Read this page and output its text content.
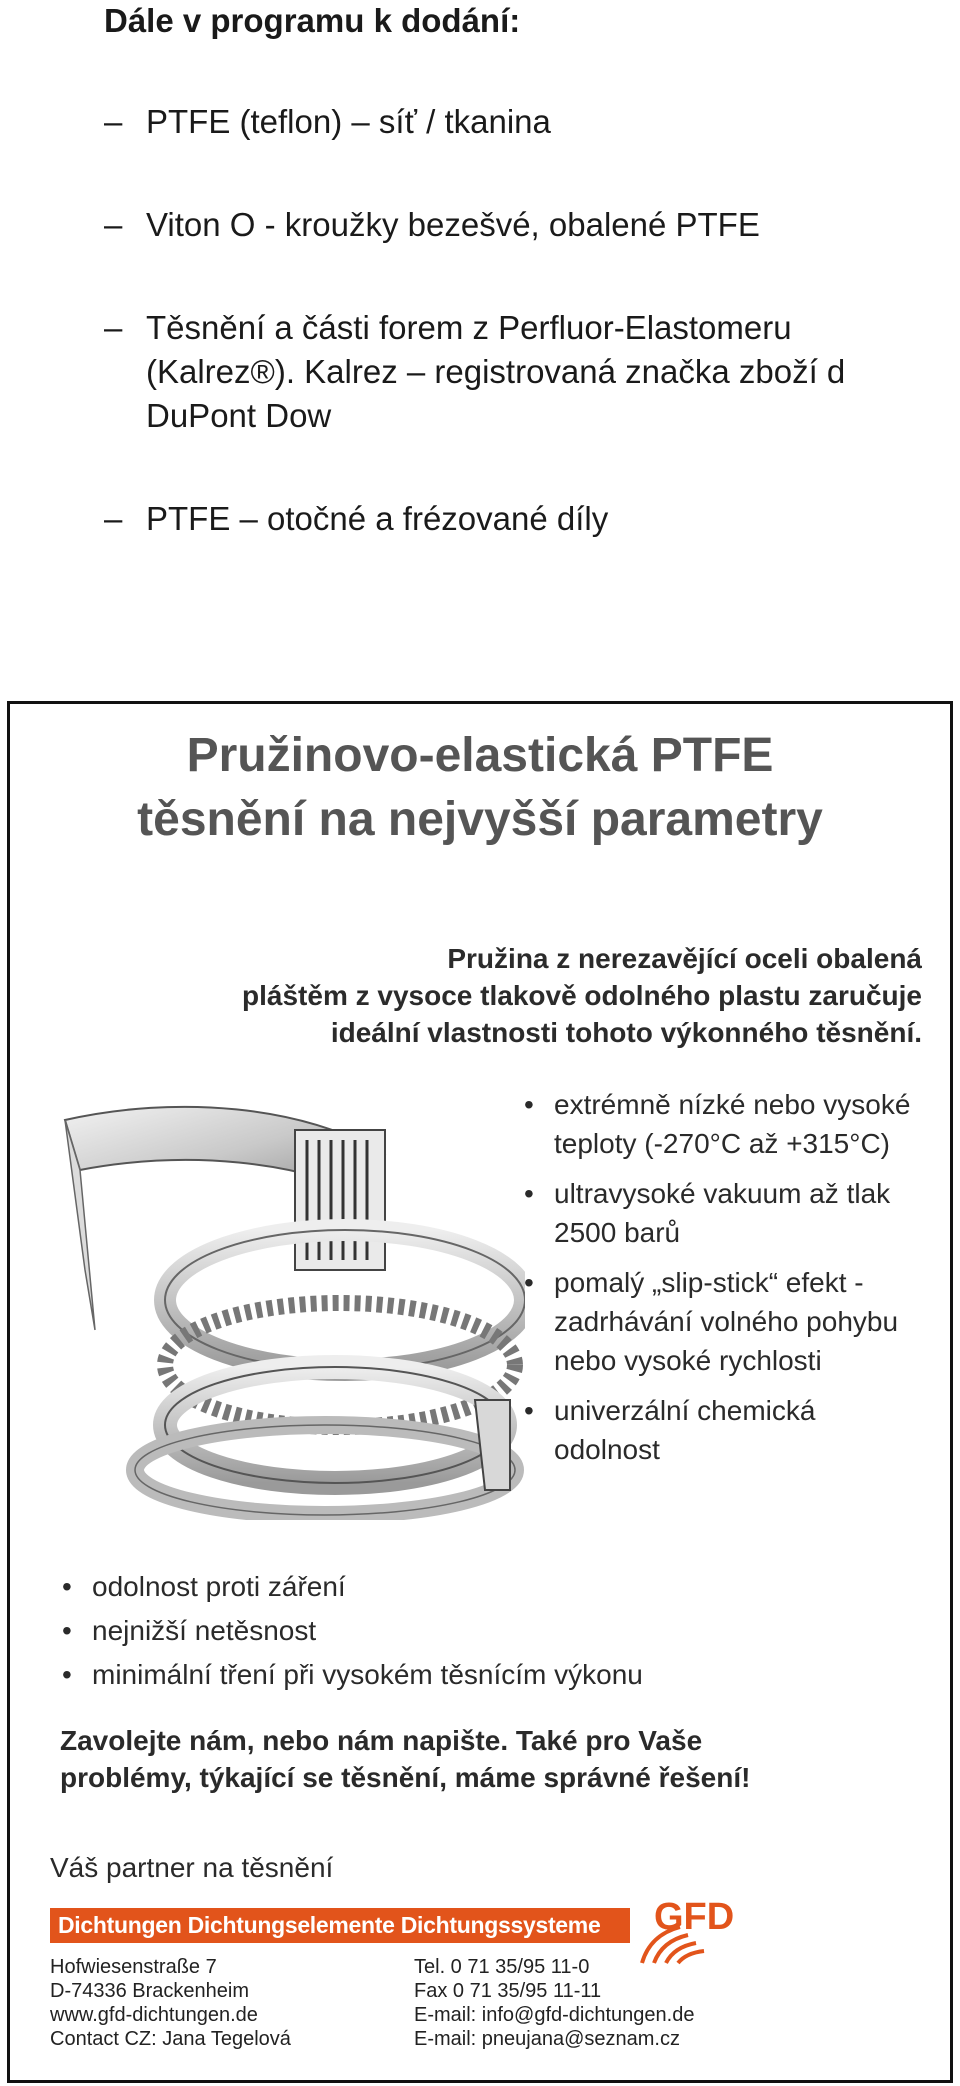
Dále v programu k dodání:
– PTFE (teflon) – síť / tkanina
– Viton O - kroužky bezešvé, obalené PTFE
– Těsnění a části forem z Perfluor-Elastomeru (Kalrez®). Kalrez – registrovaná značka zboží d DuPont Dow
– PTFE – otočné a frézované díly
Pružinovo-elastická PTFE
těsnění na nejvyšší parametry

Pružina z nerezavějící oceli obalená
pláštěm z vysoce tlakově odolného plastu zaručuje
ideální vlastnosti tohoto výkonného těsnění.

• extrémně nízké nebo vysoké teploty (-270°C až +315°C)
• ultravysoké vakuum až tlak 2500 barů
• pomalý „slip-stick“ efekt - zadrhávání volného pohybu nebo vysoké rychlosti
• univerzální chemická odolnost
• odolnost proti záření
• nejnižší netěsnost
• minimální tření při vysokém těsnícím výkonu

Zavolejte nám, nebo nám napište. Také pro Vaše
problémy, týkající se těsnění, máme správné řešení!

Váš partner na těsnění

Dichtungen Dichtungselemente Dichtungssysteme GFD
Hofwiesenstraße 7
D-74336 Brackenheim
www.gfd-dichtungen.de
Contact CZ: Jana Tegelová
Tel. 0 71 35/95 11-0
Fax 0 71 35/95 11-11
E-mail: info@gfd-dichtungen.de
E-mail: pneujana@seznam.cz
